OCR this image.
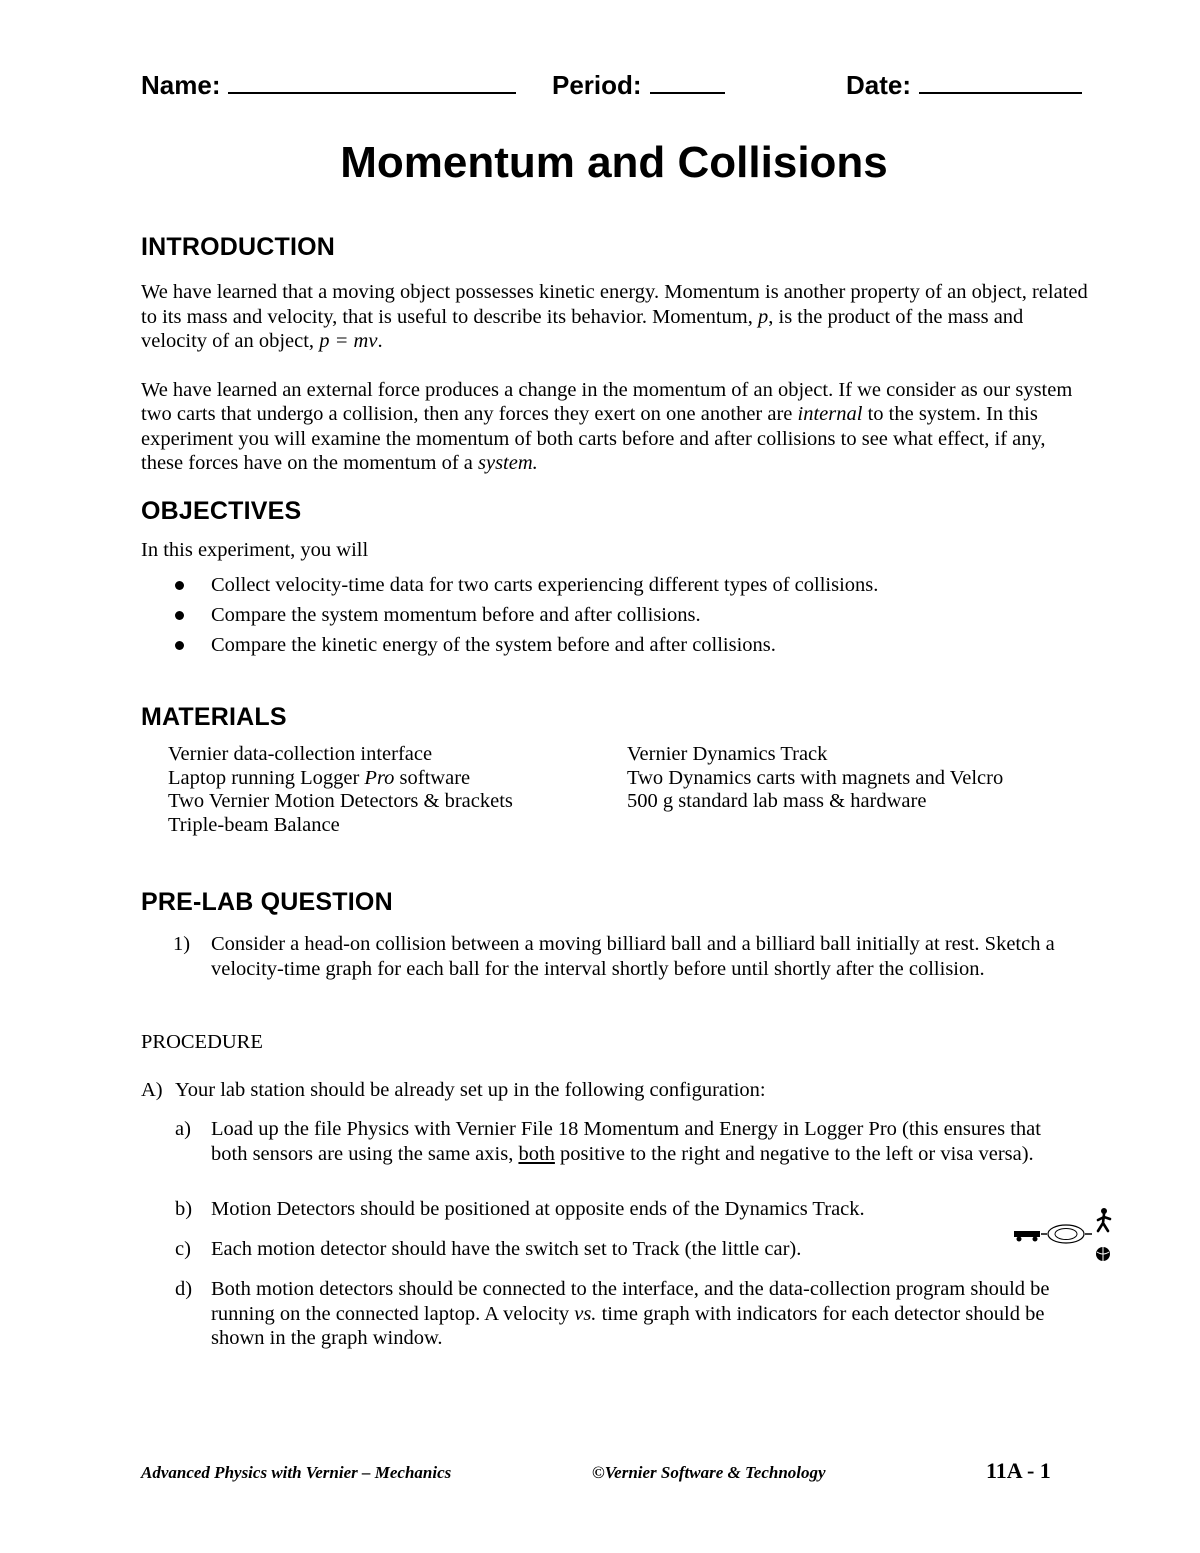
Name:	Period:	Date:
Momentum and Collisions
INTRODUCTION

We have learned that a moving object possesses kinetic energy. Momentum is another property of an object, related to its mass and velocity, that is useful to describe its behavior. Momentum, p, is the product of the mass and velocity of an object, p = mv.

We have learned an external force produces a change in the momentum of an object. If we consider as our system two carts that undergo a collision, then any forces they exert on one another are internal to the system. In this experiment you will examine the momentum of both carts before and after collisions to see what effect, if any, these forces have on the momentum of a system.

OBJECTIVES
In this experiment, you will
Collect velocity-time data for two carts experiencing different types of collisions.
Compare the system momentum before and after collisions.
Compare the kinetic energy of the system before and after collisions.
MATERIALS
Vernier data-collection interface
Laptop running Logger Pro software
Two Vernier Motion Detectors & brackets
Triple-beam Balance
Vernier Dynamics Track
Two Dynamics carts with magnets and Velcro
500 g standard lab mass & hardware
PRE-LAB QUESTION
1) Consider a head-on collision between a moving billiard ball and a billiard ball initially at rest. Sketch a velocity-time graph for each ball for the interval shortly before until shortly after the collision.
PROCEDURE
A) Your lab station should be already set up in the following configuration:
a) Load up the file Physics with Vernier File 18 Momentum and Energy in Logger Pro (this ensures that both sensors are using the same axis, both positive to the right and negative to the left or visa versa).
b) Motion Detectors should be positioned at opposite ends of the Dynamics Track.
c) Each motion detector should have the switch set to Track (the little car).
d) Both motion detectors should be connected to the interface, and the data-collection program should be running on the connected laptop. A velocity vs. time graph with indicators for each detector should be shown in the graph window.
Advanced Physics with Vernier – Mechanics	©Vernier Software & Technology	11A - 1
